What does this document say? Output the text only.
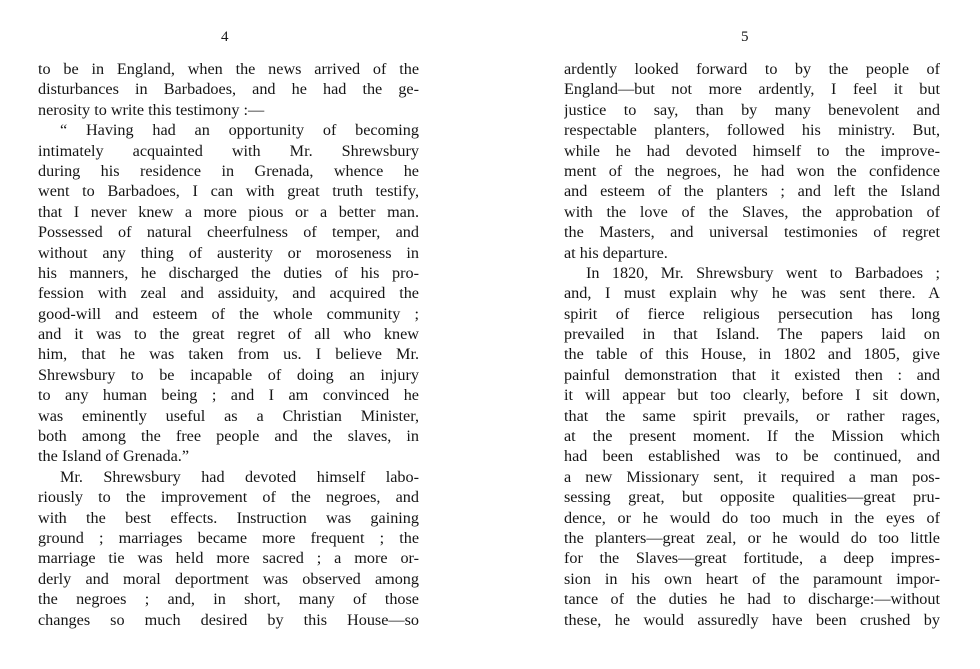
4
to be in England, when the news arrived of the
disturbances in Barbadoes, and he had the ge-
nerosity to write this testimony :—
“ Having had an opportunity of becoming
intimately acquainted with Mr. Shrewsbury
during his residence in Grenada, whence he
went to Barbadoes, I can with great truth testify,
that I never knew a more pious or a better man.
Possessed of natural cheerfulness of temper, and
without any thing of austerity or moroseness in
his manners, he discharged the duties of his pro-
fession with zeal and assiduity, and acquired the
good-will and esteem of the whole community ;
and it was to the great regret of all who knew
him, that he was taken from us. I believe Mr.
Shrewsbury to be incapable of doing an injury
to any human being ; and I am convinced he
was eminently useful as a Christian Minister,
both among the free people and the slaves, in
the Island of Grenada.”
Mr. Shrewsbury had devoted himself labo-
riously to the improvement of the negroes, and
with the best effects. Instruction was gaining
ground ; marriages became more frequent ; the
marriage tie was held more sacred ; a more or-
derly and moral deportment was observed among
the negroes ; and, in short, many of those
changes so much desired by this House—so
5
ardently looked forward to by the people of
England—but not more ardently, I feel it but
justice to say, than by many benevolent and
respectable planters, followed his ministry. But,
while he had devoted himself to the improve-
ment of the negroes, he had won the confidence
and esteem of the planters ; and left the Island
with the love of the Slaves, the approbation of
the Masters, and universal testimonies of regret
at his departure.
In 1820, Mr. Shrewsbury went to Barbadoes ;
and, I must explain why he was sent there. A
spirit of fierce religious persecution has long
prevailed in that Island. The papers laid on
the table of this House, in 1802 and 1805, give
painful demonstration that it existed then : and
it will appear but too clearly, before I sit down,
that the same spirit prevails, or rather rages,
at the present moment. If the Mission which
had been established was to be continued, and
a new Missionary sent, it required a man pos-
sessing great, but opposite qualities—great pru-
dence, or he would do too much in the eyes of
the planters—great zeal, or he would do too little
for the Slaves—great fortitude, a deep impres-
sion in his own heart of the paramount impor-
tance of the duties he had to discharge:—without
these, he would assuredly have been crushed by
